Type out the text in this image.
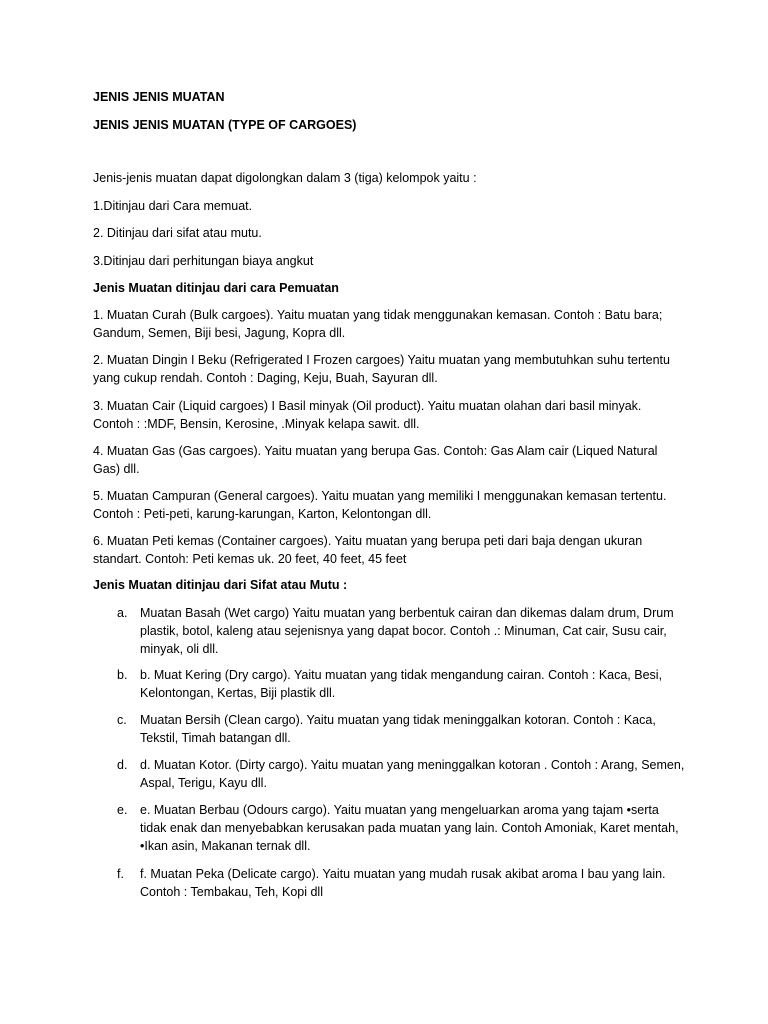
JENIS JENIS MUATAN
JENIS JENIS MUATAN (TYPE OF CARGOES)
Jenis-jenis muatan dapat digolongkan dalam 3 (tiga) kelompok yaitu :
1.Ditinjau dari Cara memuat.
2. Ditinjau dari sifat atau mutu.
3.Ditinjau dari perhitungan biaya angkut
Jenis Muatan ditinjau dari cara Pemuatan
1. Muatan Curah (Bulk cargoes). Yaitu muatan yang tidak menggunakan kemasan. Contoh : Batu bara; Gandum, Semen, Biji besi, Jagung, Kopra dll.
2. Muatan Dingin I Beku (Refrigerated I Frozen cargoes) Yaitu muatan yang membutuhkan suhu tertentu yang cukup rendah. Contoh : Daging, Keju, Buah, Sayuran dll.
3. Muatan Cair (Liquid cargoes) I Basil minyak (Oil product). Yaitu muatan olahan dari basil minyak. Contoh : :MDF, Bensin, Kerosine, .Minyak kelapa sawit. dll.
4. Muatan Gas (Gas cargoes). Yaitu muatan yang berupa Gas. Contoh: Gas Alam cair (Liqued Natural Gas) dll.
5. Muatan Campuran (General cargoes). Yaitu muatan yang memiliki I menggunakan kemasan tertentu. Contoh : Peti-peti, karung-karungan, Karton, Kelontongan dll.
6. Muatan Peti kemas (Container cargoes). Yaitu muatan yang berupa peti dari baja dengan ukuran standart. Contoh: Peti kemas uk. 20 feet, 40 feet, 45 feet
Jenis Muatan ditinjau dari Sifat atau Mutu :
a. Muatan Basah (Wet cargo) Yaitu muatan yang berbentuk cairan dan dikemas dalam drum, Drum plastik, botol, kaleng atau sejenisnya yang dapat bocor. Contoh .: Minuman, Cat cair, Susu cair, minyak, oli dll.
b. b. Muat Kering (Dry cargo). Yaitu muatan yang tidak mengandung cairan. Contoh : Kaca, Besi, Kelontongan, Kertas, Biji plastik dll.
c. Muatan Bersih (Clean cargo). Yaitu muatan yang tidak meninggalkan kotoran. Contoh : Kaca, Tekstil, Timah batangan dll.
d. d. Muatan Kotor. (Dirty cargo). Yaitu muatan yang meninggalkan kotoran . Contoh : Arang, Semen, Aspal, Terigu, Kayu dll.
e. e. Muatan Berbau (Odours cargo). Yaitu muatan yang mengeluarkan aroma yang tajam •serta tidak enak dan menyebabkan kerusakan pada muatan yang lain. Contoh Amoniak, Karet mentah, •Ikan asin, Makanan ternak dll.
f. f. Muatan Peka (Delicate cargo). Yaitu muatan yang mudah rusak akibat aroma I bau yang lain. Contoh : Tembakau, Teh, Kopi dll
